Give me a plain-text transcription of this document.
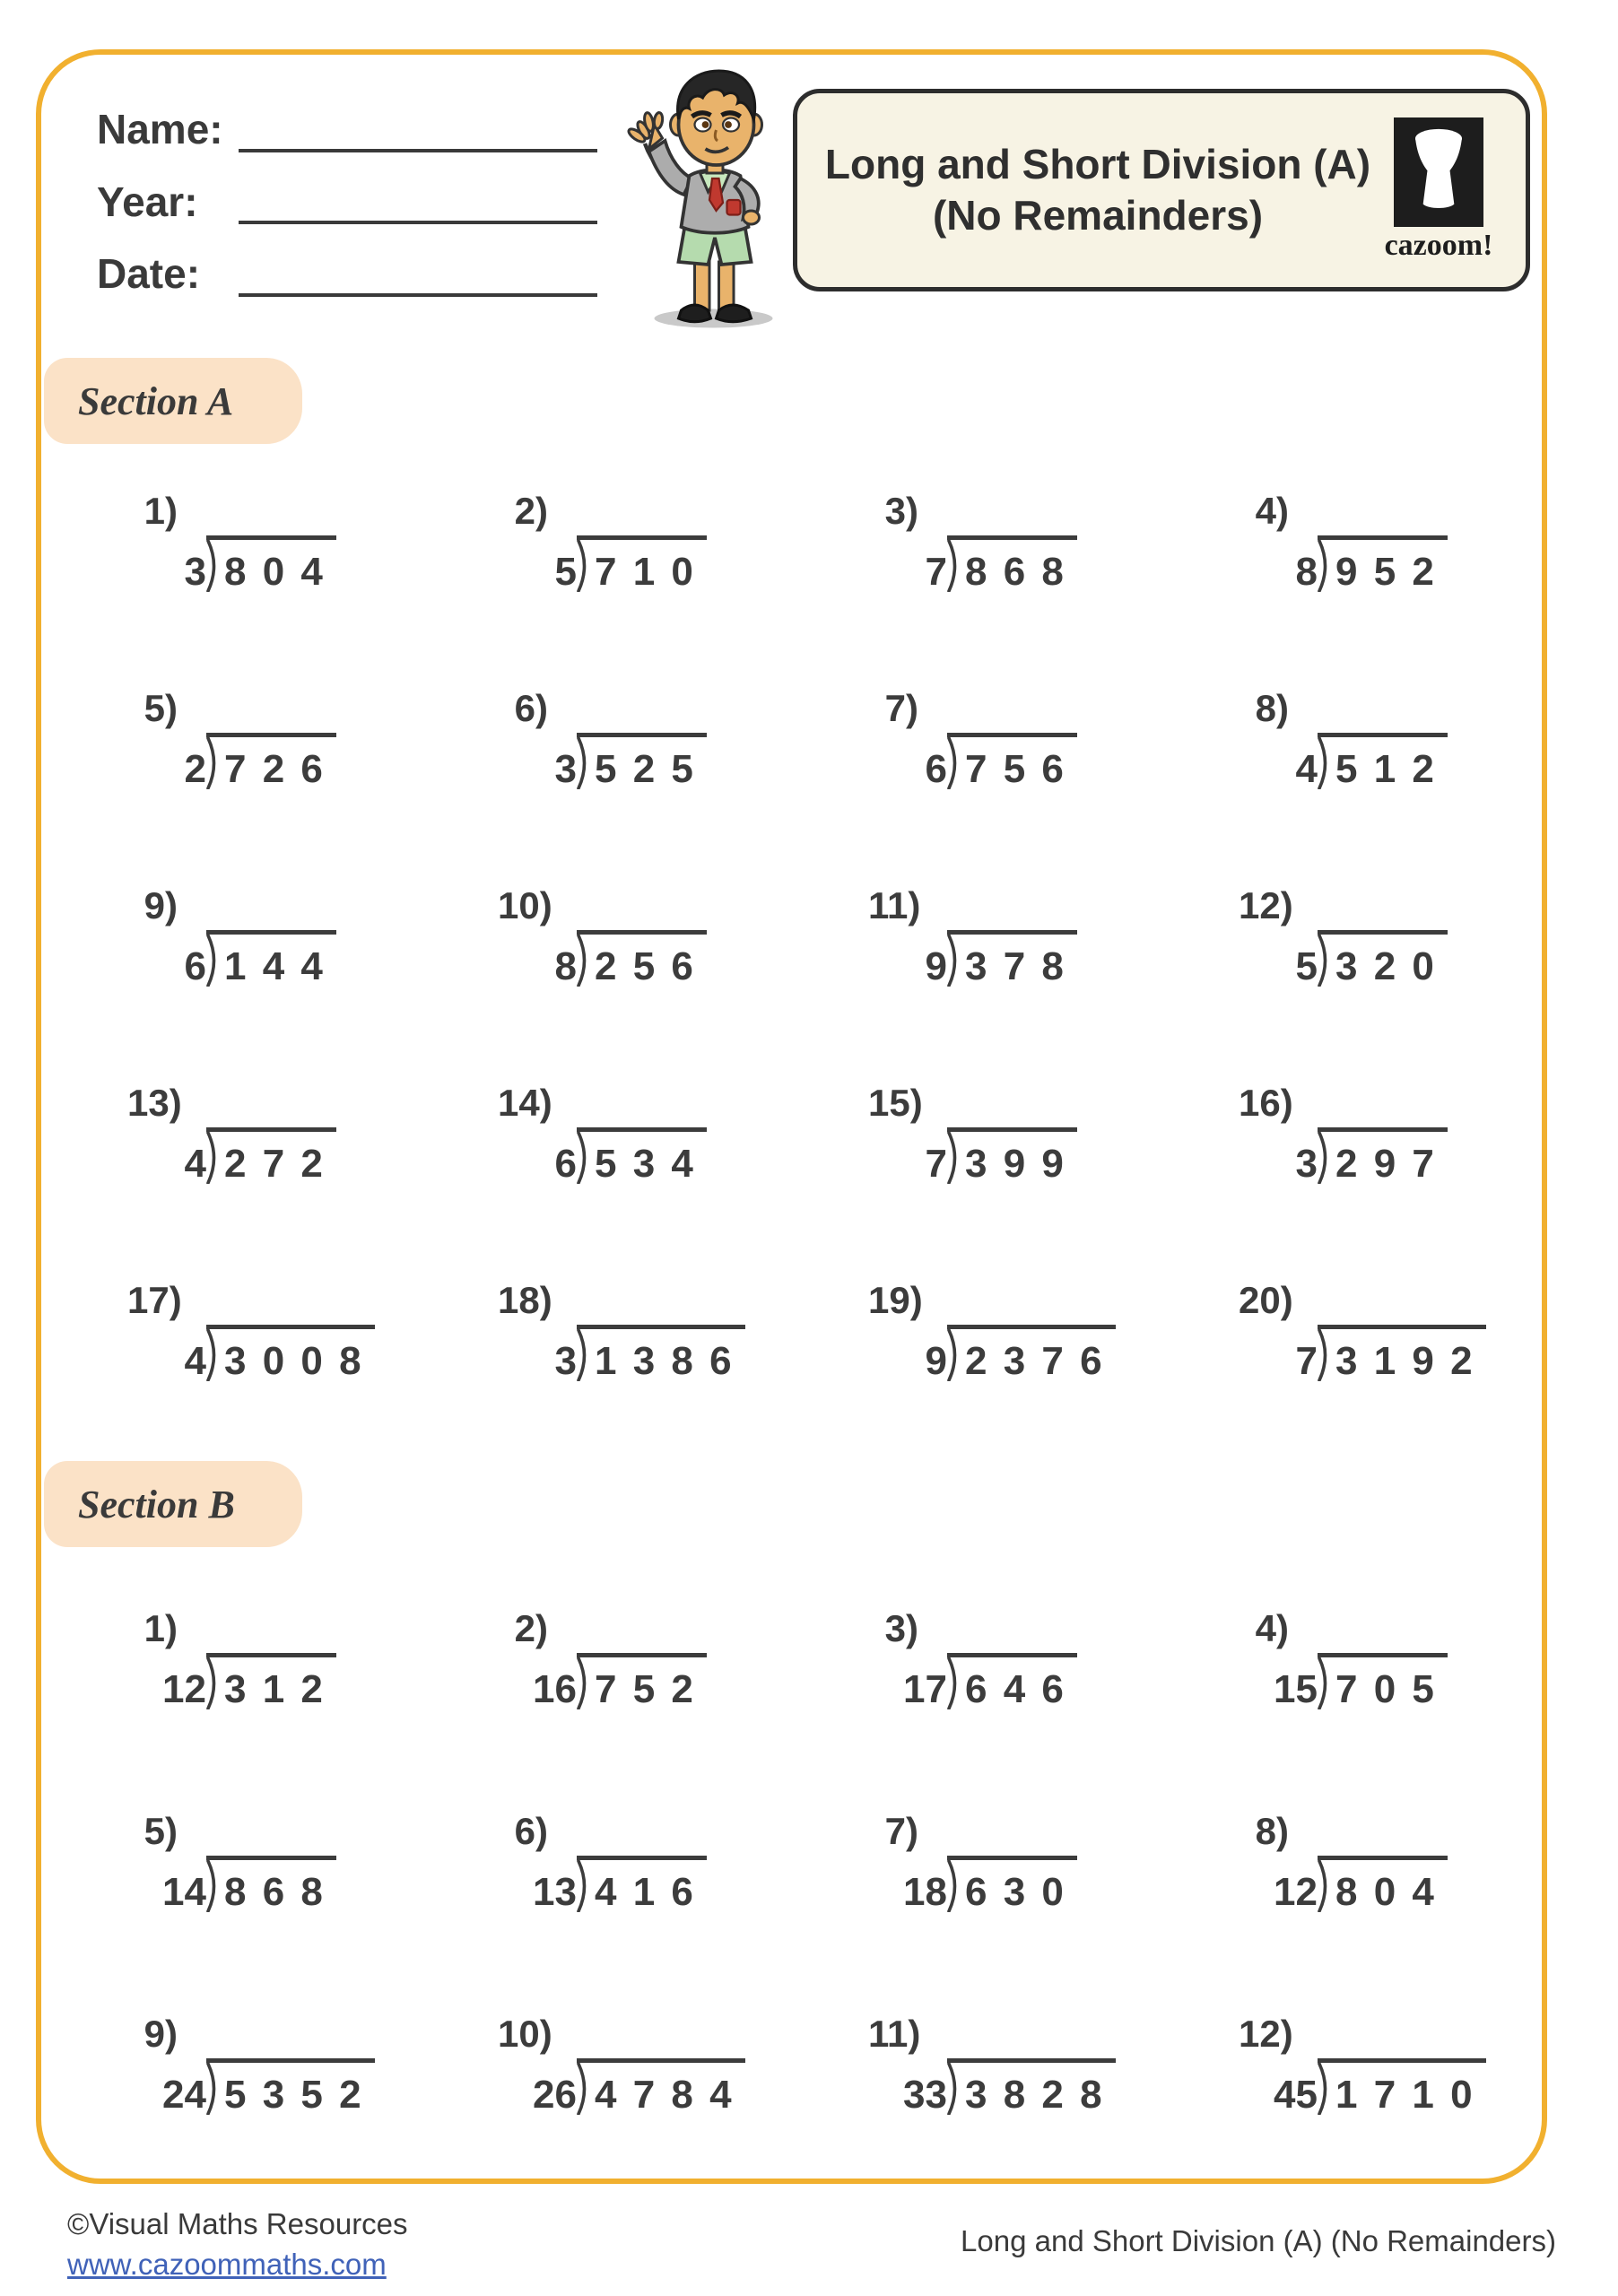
Name:
Year:
Date:
Long and Short Division (A)
(No Remainders)
cazoom!
Section A
1)
3 8 0 4
2)
5 7 1 0
3)
7 8 6 8
4)
8 9 5 2
5)
2 7 2 6
6)
3 5 2 5
7)
6 7 5 6
8)
4 5 1 2
9)
6 1 4 4
10)
8 2 5 6
11)
9 3 7 8
12)
5 3 2 0
13)
4 2 7 2
14)
6 5 3 4
15)
7 3 9 9
16)
3 2 9 7
17)
4 3 0 0 8
18)
3 1 3 8 6
19)
9 2 3 7 6
20)
7 3 1 9 2
Section B
1)
12 3 1 2
2)
16 7 5 2
3)
17 6 4 6
4)
15 7 0 5
5)
14 8 6 8
6)
13 4 1 6
7)
18 6 3 0
8)
12 8 0 4
9)
24 5 3 5 2
10)
26 4 7 8 4
11)
33 3 8 2 8
12)
45 1 7 1 0
©Visual Maths Resources
www.cazoommaths.com
Long and Short Division (A) (No Remainders)
